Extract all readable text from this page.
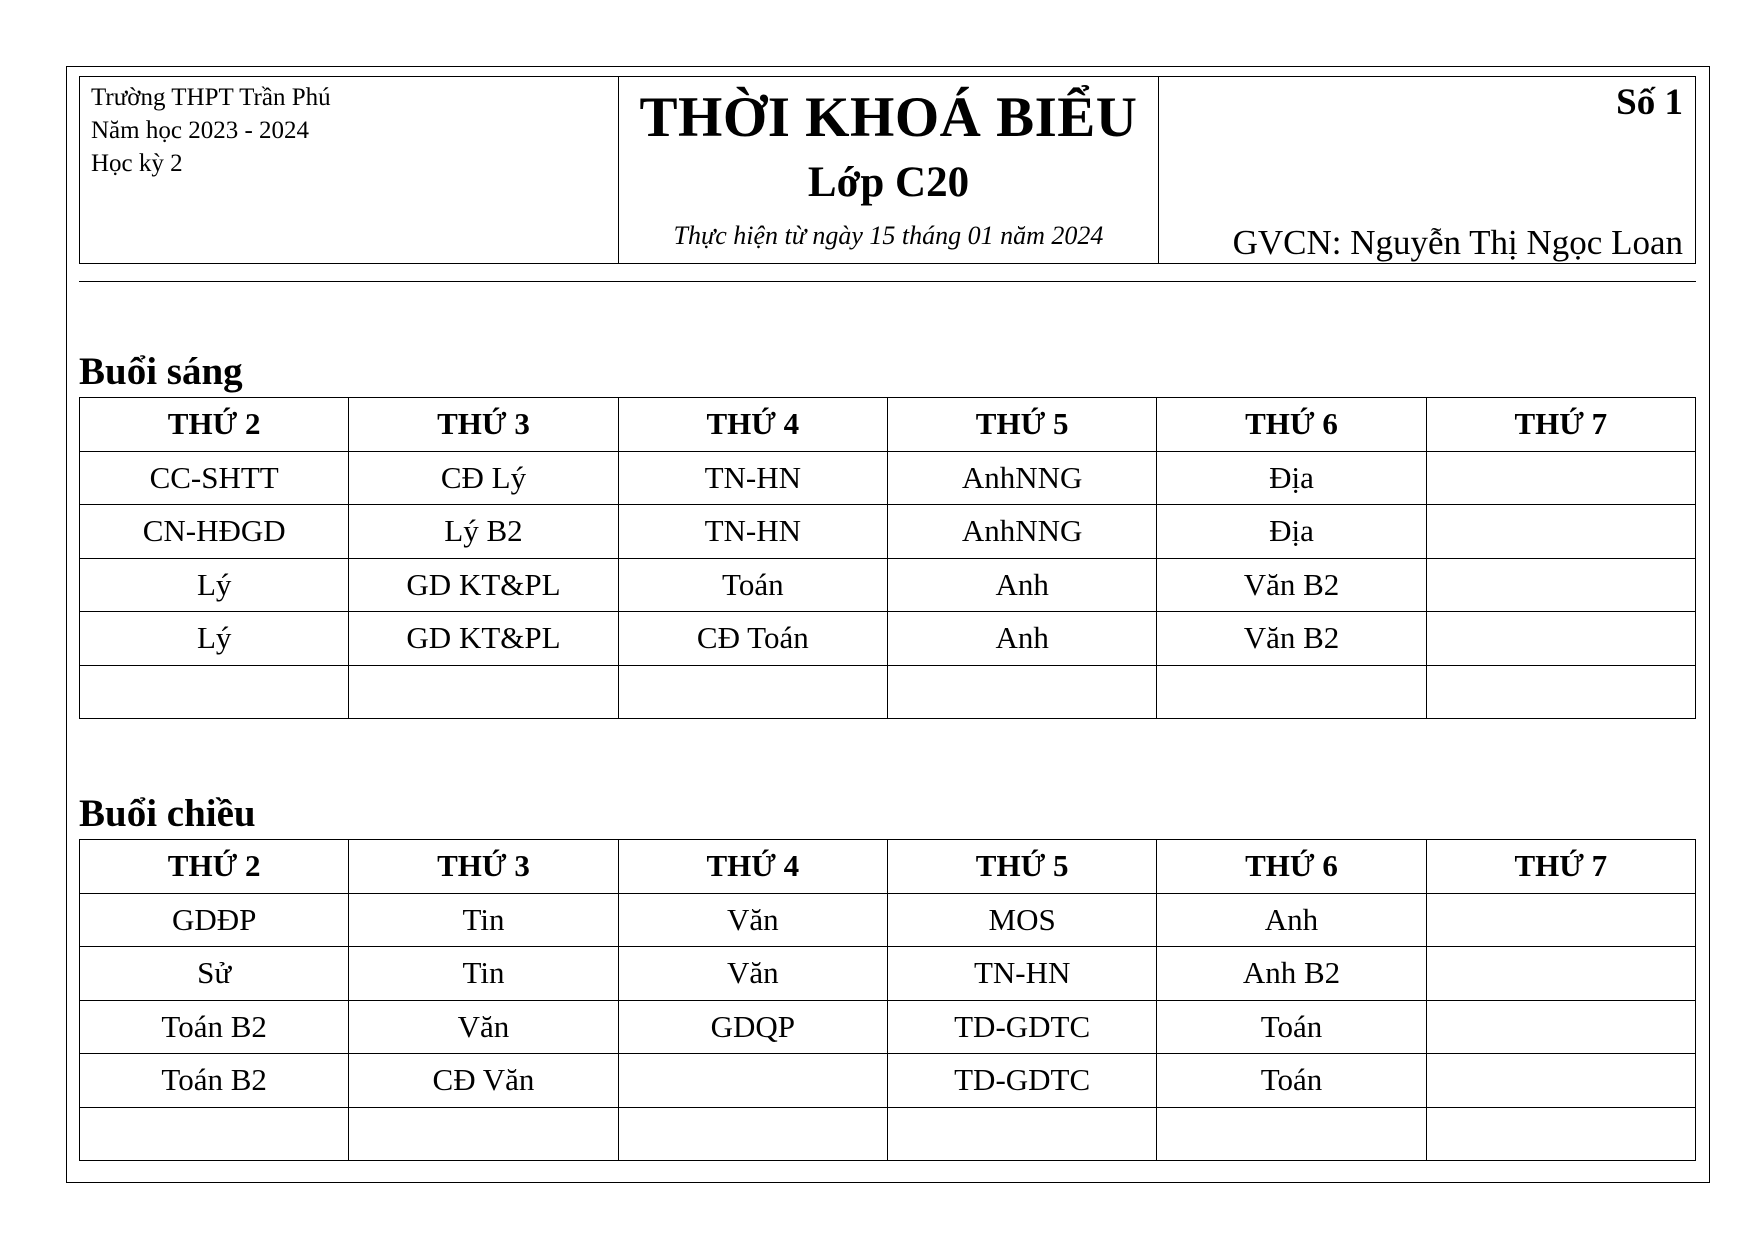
Trường THPT Trần Phú
Năm học 2023 - 2024
Học kỳ 2
THỜI KHOÁ BIỂU
Lớp C20
Thực hiện từ ngày 15 tháng 01 năm 2024
Số 1
GVCN: Nguyễn Thị Ngọc Loan
Buổi sáng
THỨ 2	THỨ 3	THỨ 4	THỨ 5	THỨ 6	THỨ 7
CC-SHTT	CĐ Lý	TN-HN	AnhNNG	Địa	
CN-HĐGD	Lý B2	TN-HN	AnhNNG	Địa	
Lý	GD KT&PL	Toán	Anh	Văn B2	
Lý	GD KT&PL	CĐ Toán	Anh	Văn B2	

Buổi chiều
THỨ 2	THỨ 3	THỨ 4	THỨ 5	THỨ 6	THỨ 7
GDĐP	Tin	Văn	MOS	Anh	
Sử	Tin	Văn	TN-HN	Anh B2	
Toán B2	Văn	GDQP	TD-GDTC	Toán	
Toán B2	CĐ Văn		TD-GDTC	Toán	
